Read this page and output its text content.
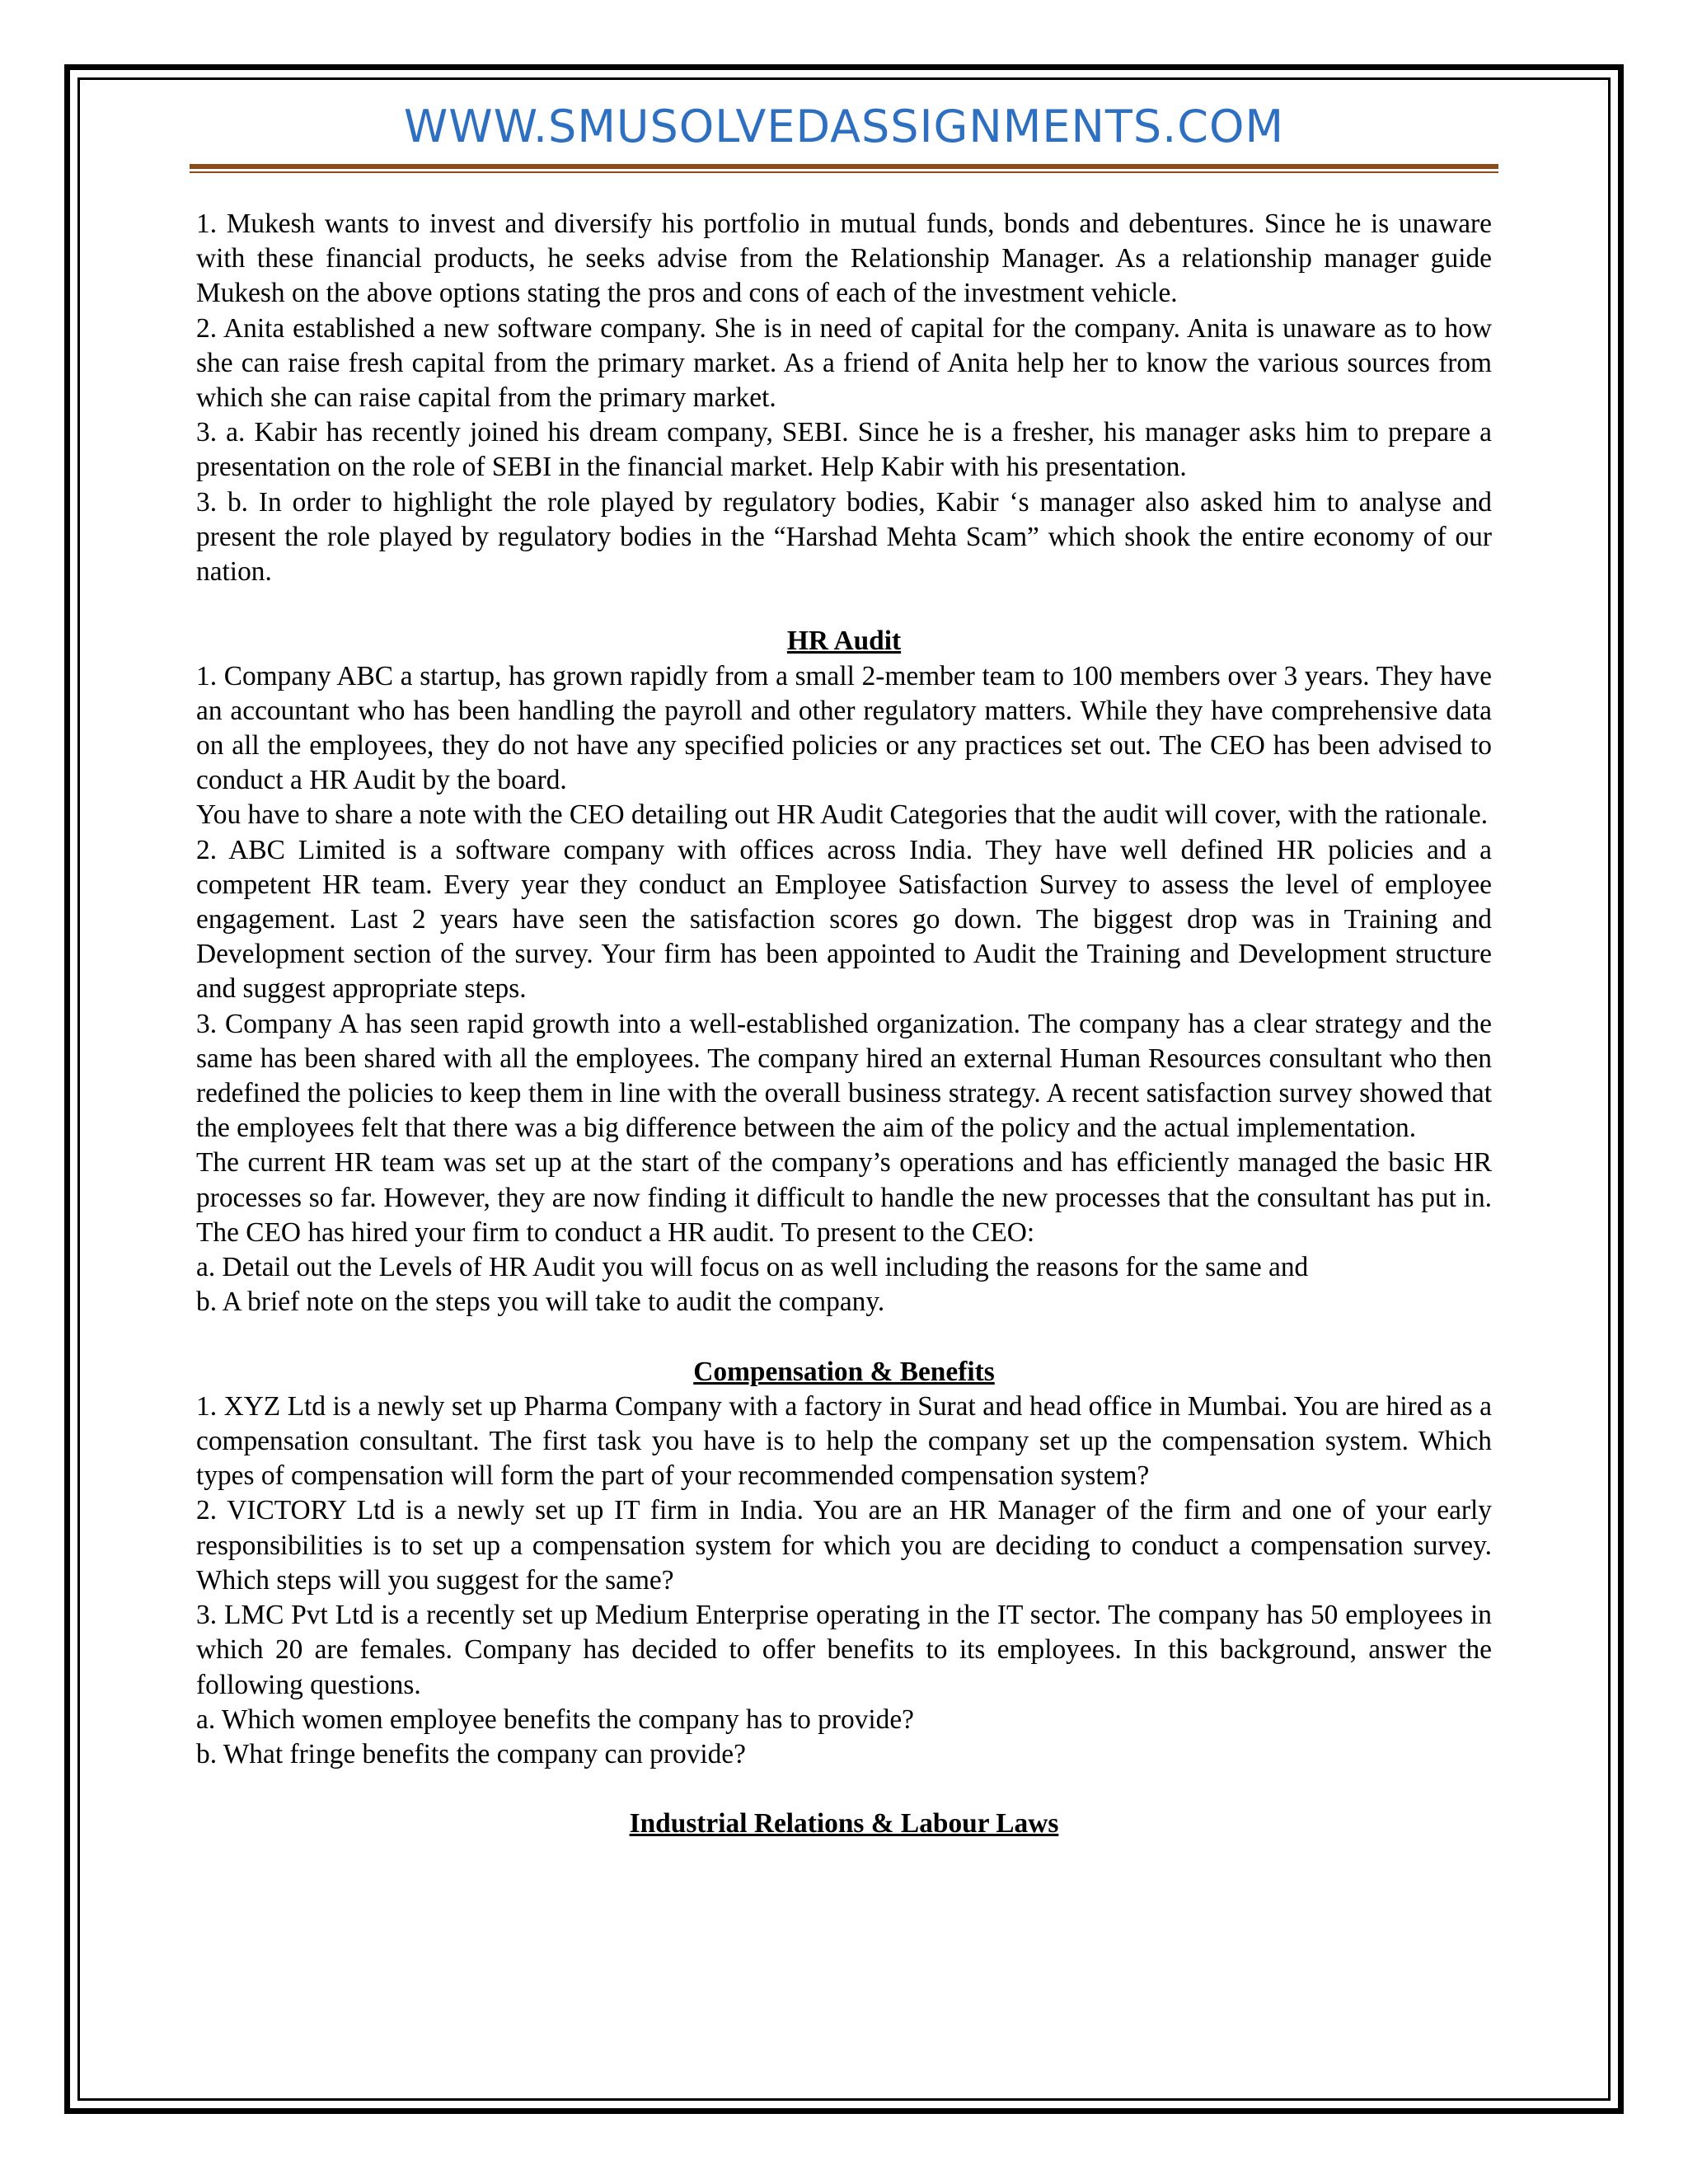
WWW.SMUSOLVEDASSIGNMENTS.COM

1. Mukesh wants to invest and diversify his portfolio in mutual funds, bonds and debentures. Since he is unaware with these financial products, he seeks advise from the Relationship Manager. As a relationship manager guide Mukesh on the above options stating the pros and cons of each of the investment vehicle.

2. Anita established a new software company. She is in need of capital for the company. Anita is unaware as to how she can raise fresh capital from the primary market. As a friend of Anita help her to know the various sources from which she can raise capital from the primary market.

3. a. Kabir has recently joined his dream company, SEBI. Since he is a fresher, his manager asks him to prepare a presentation on the role of SEBI in the financial market. Help Kabir with his presentation.

3. b. In order to highlight the role played by regulatory bodies, Kabir ‘s manager also asked him to analyse and present the role played by regulatory bodies in the “Harshad Mehta Scam” which shook the entire economy of our nation.

HR Audit

1. Company ABC a startup, has grown rapidly from a small 2-member team to 100 members over 3 years. They have an accountant who has been handling the payroll and other regulatory matters. While they have comprehensive data on all the employees, they do not have any specified policies or any practices set out. The CEO has been advised to conduct a HR Audit by the board.

You have to share a note with the CEO detailing out HR Audit Categories that the audit will cover, with the rationale.

2. ABC Limited is a software company with offices across India. They have well defined HR policies and a competent HR team. Every year they conduct an Employee Satisfaction Survey to assess the level of employee engagement. Last 2 years have seen the satisfaction scores go down. The biggest drop was in Training and Development section of the survey. Your firm has been appointed to Audit the Training and Development structure and suggest appropriate steps.

3. Company A has seen rapid growth into a well-established organization. The company has a clear strategy and the same has been shared with all the employees. The company hired an external Human Resources consultant who then redefined the policies to keep them in line with the overall business strategy. A recent satisfaction survey showed that the employees felt that there was a big difference between the aim of the policy and the actual implementation.

The current HR team was set up at the start of the company’s operations and has efficiently managed the basic HR processes so far. However, they are now finding it difficult to handle the new processes that the consultant has put in. The CEO has hired your firm to conduct a HR audit. To present to the CEO:

a. Detail out the Levels of HR Audit you will focus on as well including the reasons for the same and

b. A brief note on the steps you will take to audit the company.

Compensation & Benefits

1. XYZ Ltd is a newly set up Pharma Company with a factory in Surat and head office in Mumbai. You are hired as a compensation consultant. The first task you have is to help the company set up the compensation system. Which types of compensation will form the part of your recommended compensation system?

2. VICTORY Ltd is a newly set up IT firm in India. You are an HR Manager of the firm and one of your early responsibilities is to set up a compensation system for which you are deciding to conduct a compensation survey. Which steps will you suggest for the same?

3. LMC Pvt Ltd is a recently set up Medium Enterprise operating in the IT sector. The company has 50 employees in which 20 are females. Company has decided to offer benefits to its employees. In this background, answer the following questions.

a. Which women employee benefits the company has to provide?

b. What fringe benefits the company can provide?

Industrial Relations & Labour Laws
